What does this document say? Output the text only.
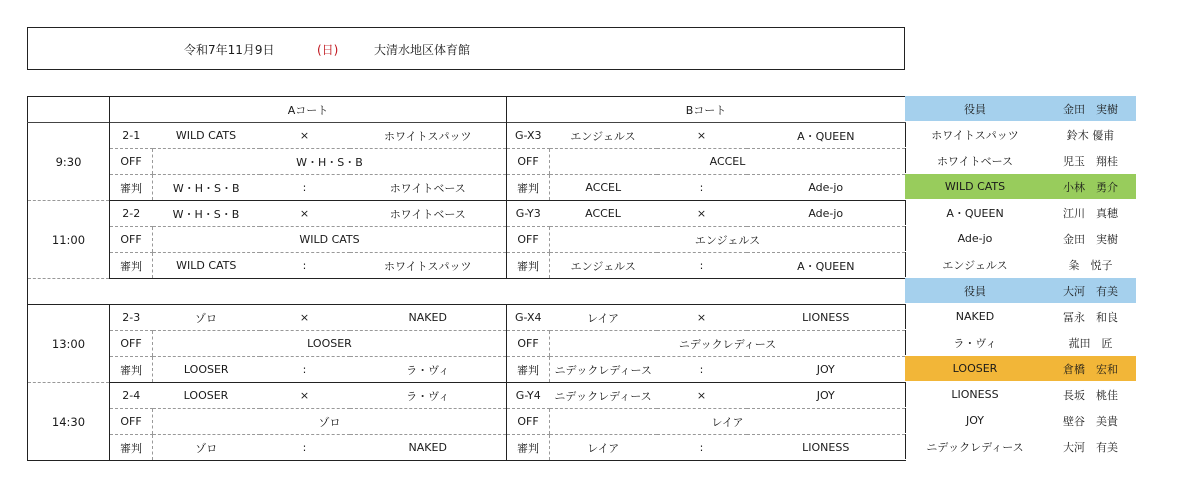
令和7年11月9日	(日)	大清水地区体育館
	Aコート				Bコート			
9:30	2-1	WILD CATS	×	ホワイトスパッツ	G-X3	エンジェルス	×	A・QUEEN
	OFF	W・H・S・B			OFF	ACCEL		
	審判	W・H・S・B	:	ホワイトベース	審判	ACCEL	:	Ade-jo
11:00	2-2	W・H・S・B	×	ホワイトベース	G-Y3	ACCEL	×	Ade-jo
	OFF	WILD CATS			OFF	エンジェルス		
	審判	WILD CATS	:	ホワイトスパッツ	審判	エンジェルス	:	A・QUEEN

13:00	2-3	ゾロ	×	NAKED	G-X4	レイア	×	LIONESS
	OFF	LOOSER			OFF	ニデックレディース		
	審判	LOOSER	:	ラ・ヴィ	審判	ニデックレディース	:	JOY
14:30	2-4	LOOSER	×	ラ・ヴィ	G-Y4	ニデックレディース	×	JOY
	OFF	ゾロ			OFF	レイア		
	審判	ゾロ	:	NAKED	審判	レイア	:	LIONESS
役員	金田　実樹
ホワイトスパッツ	鈴木 優甫
ホワイトベース	児玉　翔桂
WILD CATS	小林　勇介
A・QUEEN	江川　真穂
Ade-jo	金田　実樹
エンジェルス	粂　悦子
役員	大河　有美
NAKED	冨永　和良
ラ・ヴィ	菰田　匠
LOOSER	倉橋　宏和
LIONESS	長坂　桃佳
JOY	壁谷　美貴
ニデックレディース	大河　有美
